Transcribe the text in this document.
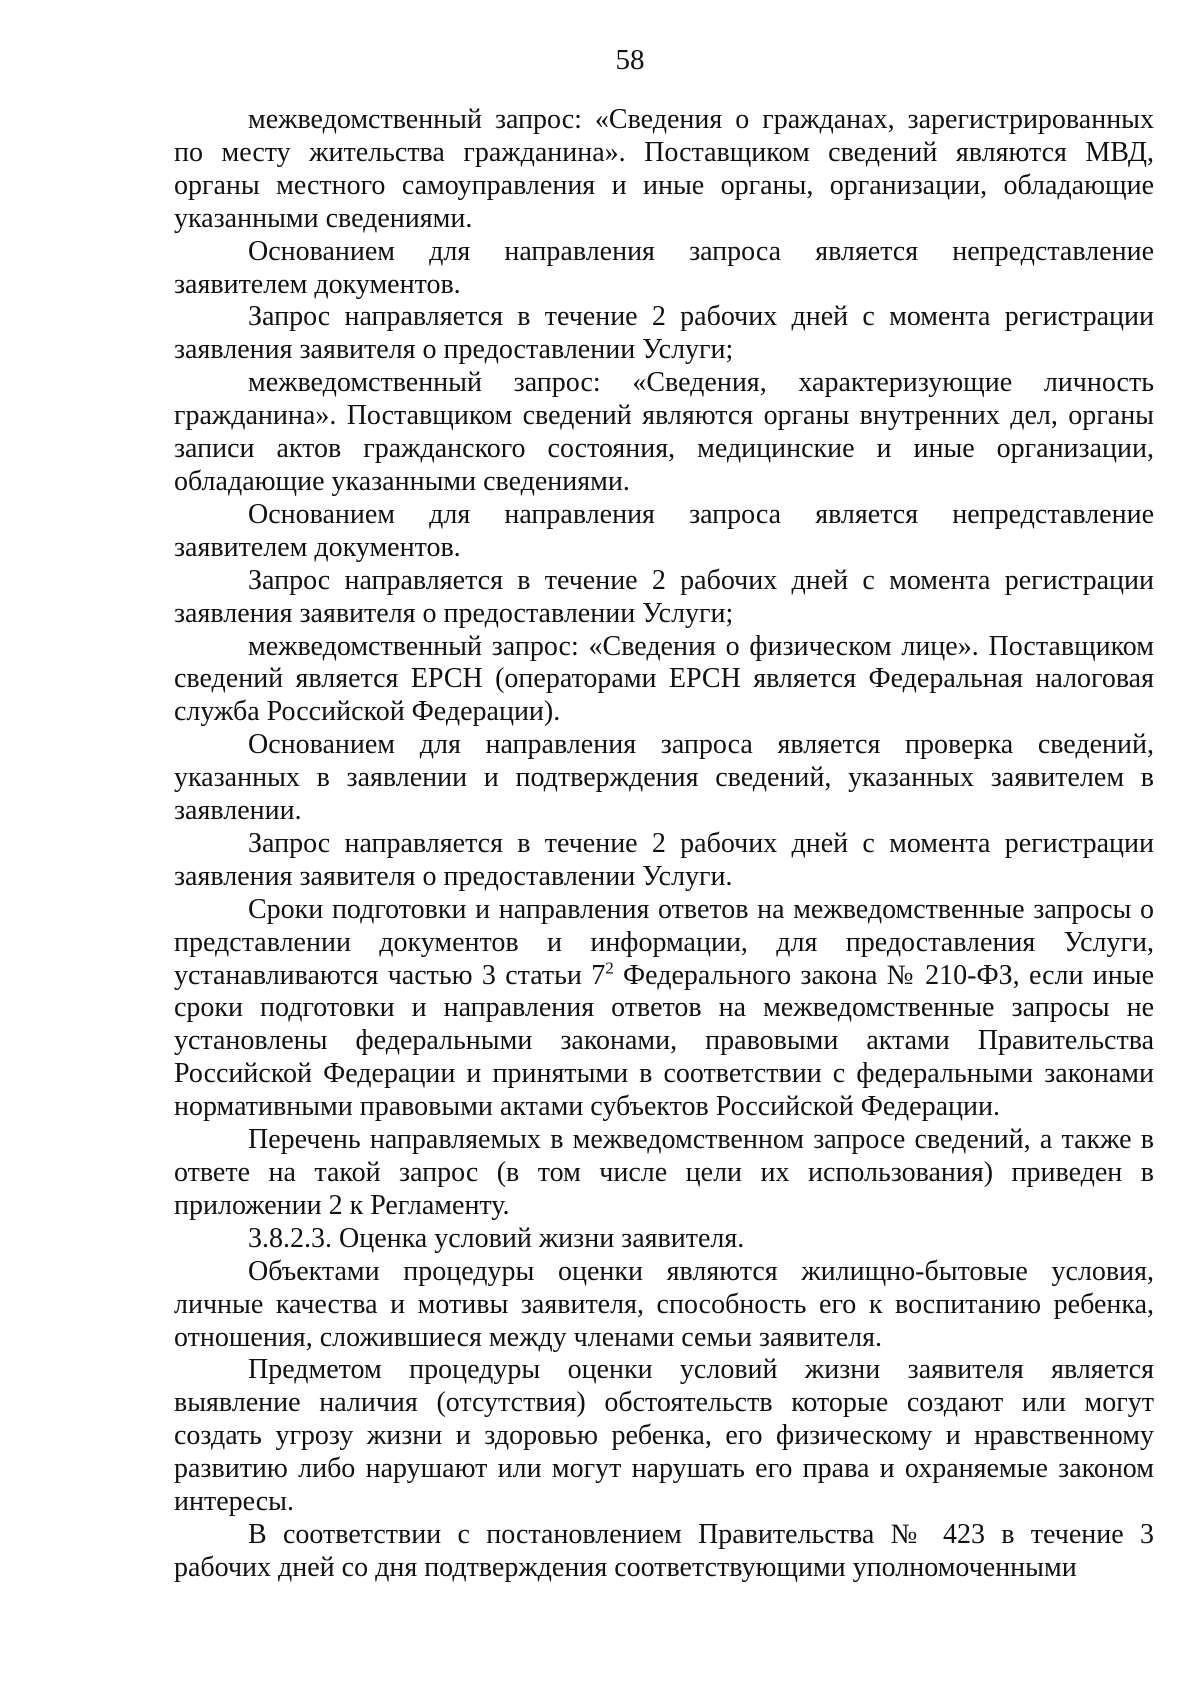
58

межведомственный запрос: «Сведения о гражданах, зарегистрированных по месту жительства гражданина». Поставщиком сведений являются МВД, органы местного самоуправления и иные органы, организации, обладающие указанными сведениями.

Основанием для направления запроса является непредставление заявителем документов.

Запрос направляется в течение 2 рабочих дней с момента регистрации заявления заявителя о предоставлении Услуги;

межведомственный запрос: «Сведения, характеризующие личность гражданина». Поставщиком сведений являются органы внутренних дел, органы записи актов гражданского состояния, медицинские и иные организации, обладающие указанными сведениями.

Основанием для направления запроса является непредставление заявителем документов.

Запрос направляется в течение 2 рабочих дней с момента регистрации заявления заявителя о предоставлении Услуги;

межведомственный запрос: «Сведения о физическом лице». Поставщиком сведений является ЕРСН (операторами ЕРСН является Федеральная налоговая служба Российской Федерации).

Основанием для направления запроса является проверка сведений, указанных в заявлении и подтверждения сведений, указанных заявителем в заявлении.

Запрос направляется в течение 2 рабочих дней с момента регистрации заявления заявителя о предоставлении Услуги.

Сроки подготовки и направления ответов на межведомственные запросы о представлении документов и информации, для предоставления Услуги, устанавливаются частью 3 статьи $7^2$ Федерального закона № 210-ФЗ, если иные сроки подготовки и направления ответов на межведомственные запросы не установлены федеральными законами, правовыми актами Правительства Российской Федерации и принятыми в соответствии с федеральными законами нормативными правовыми актами субъектов Российской Федерации.

Перечень направляемых в межведомственном запросе сведений, а также в ответе на такой запрос (в том числе цели их использования) приведен в приложении 2 к Регламенту.

3.8.2.3. Оценка условий жизни заявителя.

Объектами процедуры оценки являются жилищно-бытовые условия, личные качества и мотивы заявителя, способность его к воспитанию ребенка, отношения, сложившиеся между членами семьи заявителя.

Предметом процедуры оценки условий жизни заявителя является выявление наличия (отсутствия) обстоятельств которые создают или могут создать угрозу жизни и здоровью ребенка, его физическому и нравственному развитию либо нарушают или могут нарушать его права и охраняемые законом интересы.

В соответствии с постановлением Правительства № 423 в течение 3 рабочих дней со дня подтверждения соответствующими уполномоченными
